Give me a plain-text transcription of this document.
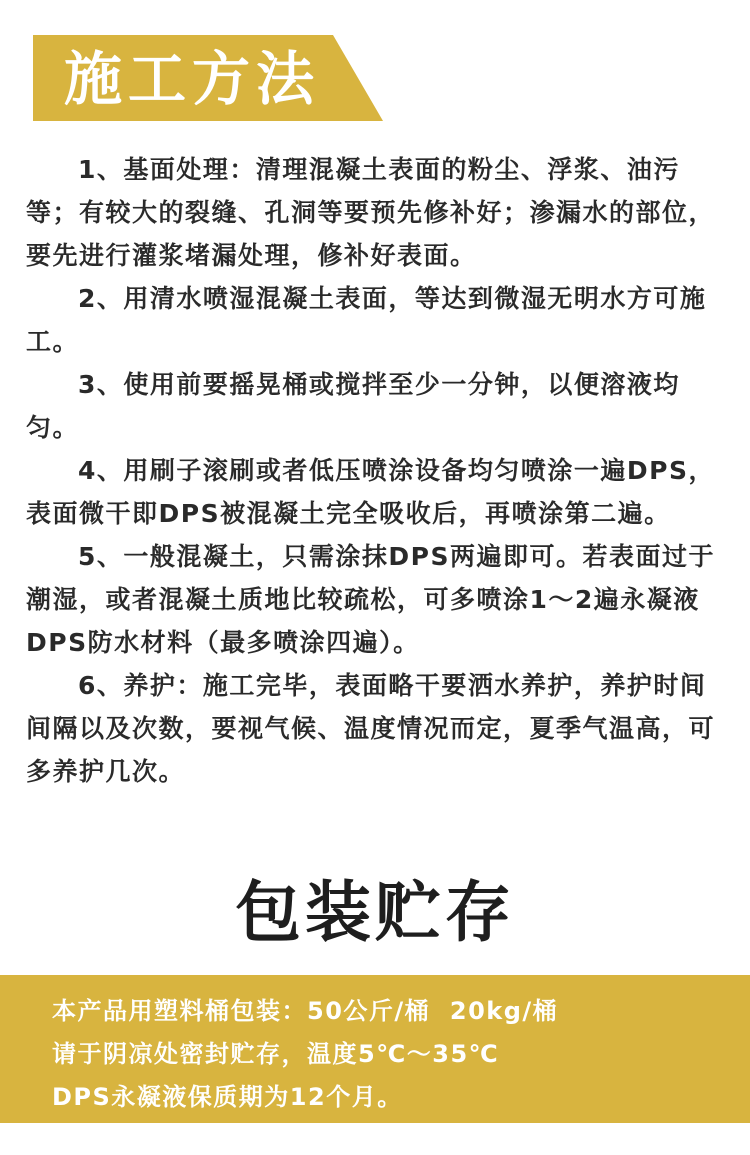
施工方法

1、基面处理：清理混凝土表面的粉尘、浮浆、油污等；有较大的裂缝、孔洞等要预先修补好；渗漏水的部位，要先进行灌浆堵漏处理，修补好表面。

2、用清水喷湿混凝土表面，等达到微湿无明水方可施工。

3、使用前要摇晃桶或搅拌至少一分钟，以便溶液均匀。

4、用刷子滚刷或者低压喷涂设备均匀喷涂一遍DPS，表面微干即DPS被混凝土完全吸收后，再喷涂第二遍。

5、一般混凝土，只需涂抹DPS两遍即可。若表面过于潮湿，或者混凝土质地比较疏松，可多喷涂1～2遍永凝液DPS防水材料（最多喷涂四遍）。

6、养护：施工完毕，表面略干要洒水养护，养护时间间隔以及次数，要视气候、温度情况而定，夏季气温高，可多养护几次。

包装贮存

本产品用塑料桶包装：50公斤/桶  20kg/桶

请于阴凉处密封贮存，温度5℃～35℃

DPS永凝液保质期为12个月。
